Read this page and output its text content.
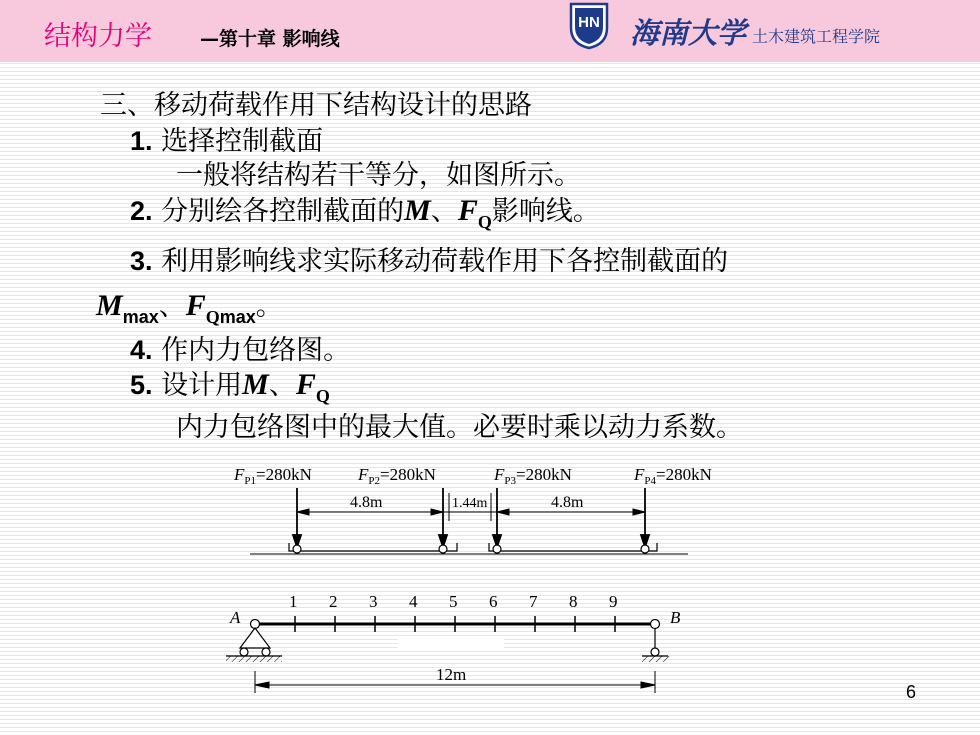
结构力学	—第十章 影响线
HN 海南大学 土木建筑工程学院
三、移动荷载作用下结构设计的思路
1. 选择控制截面
一般将结构若干等分，如图所示。
2. 分别绘各控制截面的M、$F_Q$影响线。
3. 利用影响线求实际移动荷载作用下各控制截面的
$M_{max}$、$F_{Qmax}$。
4. 作内力包络图。
5. 设计用M、$F_Q$
内力包络图中的最大值。必要时乘以动力系数。
$F_{P1}=280kN$	$F_{P2}=280kN$	$F_{P3}=280kN$	$F_{P4}=280kN$
4.8m	1.44m	4.8m
1 2 3 4 5 6 7 8 9
A	B
12m
6
